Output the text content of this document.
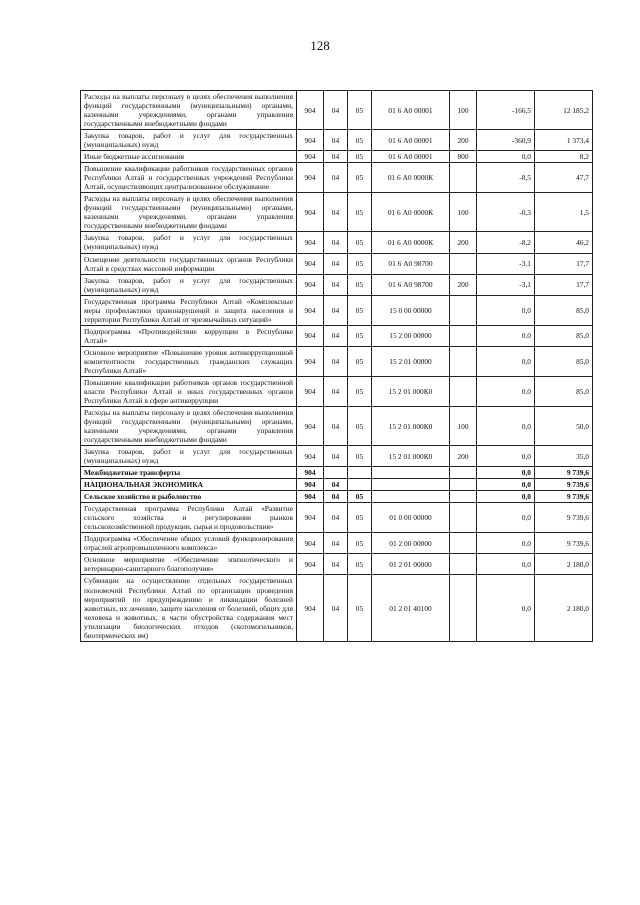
128
Расходы на выплаты персоналу в целях обеспечения выполнения функций государственными (муниципальными) органами, казенными учреждениями, органами управления государственными внебюджетными фондами	904	04	05	01 6 А0 00001	100	-166,5	12 185,2
Закупка товаров, работ и услуг для государственных (муниципальных) нужд	904	04	05	01 6 А0 00001	200	-360,9	1 373,4
Иные бюджетные ассигнования	904	04	05	01 6 А0 00001	800	0,0	8,2
Повышение квалификации работников государственных органов Республики Алтай и государственных учреждений Республики Алтай, осуществляющих централизованное обслуживание	904	04	05	01 6 А0 0000К		-8,5	47,7
Расходы на выплаты персоналу в целях обеспечения выполнения функций государственными (муниципальными) органами, казенными учреждениями, органами управления государственными внебюджетными фондами	904	04	05	01 6 А0 0000К	100	-0,3	1,5
Закупка товаров, работ и услуг для государственных (муниципальных) нужд	904	04	05	01 6 А0 0000К	200	-8,2	46,2
Освещение деятельности государственных органов Республики Алтай в средствах массовой информации	904	04	05	01 6 А0 98700		-3,1	17,7
Закупка товаров, работ и услуг для государственных (муниципальных) нужд	904	04	05	01 6 А0 98700	200	-3,1	17,7
Государственная программа Республики Алтай «Комплексные меры профилактики правонарушений и защита населения и территории Республики Алтай от чрезвычайных ситуаций»	904	04	05	15 0 00 00000		0,0	85,0
Подпрограмма «Противодействие коррупции в Республике Алтай»	904	04	05	15 2 00 00000		0,0	85,0
Основное мероприятие «Повышение уровня антикоррупционной компетентности государственных гражданских служащих Республики Алтай»	904	04	05	15 2 01 00000		0,0	85,0
Повышение квалификации работников органов государственной власти Республики Алтай и иных государственных органов Республики Алтай в сфере антикоррупции	904	04	05	15 2 01 000К0		0,0	85,0
Расходы на выплаты персоналу в целях обеспечения выполнения функций государственными (муниципальными) органами, казенными учреждениями, органами управления государственными внебюджетными фондами	904	04	05	15 2 01 000К0	100	0,0	50,0
Закупка товаров, работ и услуг для государственных (муниципальных) нужд	904	04	05	15 2 01 000К0	200	0,0	35,0
Межбюджетные трансферты	904					0,0	9 739,6
НАЦИОНАЛЬНАЯ ЭКОНОМИКА	904	04				0,0	9 739,6
Сельское хозяйство и рыболовство	904	04	05			0,0	9 739,6
Государственная программа Республики Алтай «Развитие сельского хозяйства и регулирование рынков сельскохозяйственной продукции, сырья и продовольствия»	904	04	05	01 0 00 00000		0,0	9 739,6
Подпрограмма «Обеспечение общих условий функционирования отраслей агропромышленного комплекса»	904	04	05	01 2 00 00000		0,0	9 739,6
Основное мероприятие «Обеспечение эпизоотического и ветеринарно-санитарного благополучия»	904	04	05	01 2 01 00000		0,0	2 180,0
Субвенции на осуществление отдельных государственных полномочий Республики Алтай по организации проведения мероприятий по предупреждению и ликвидации болезней животных, их лечению, защите населения от болезней, общих для человека и животных, в части обустройства содержания мест утилизации биологических отходов (скотомогильников, биотермических ям)	904	04	05	01 2 01 40100		0,0	2 180,0
